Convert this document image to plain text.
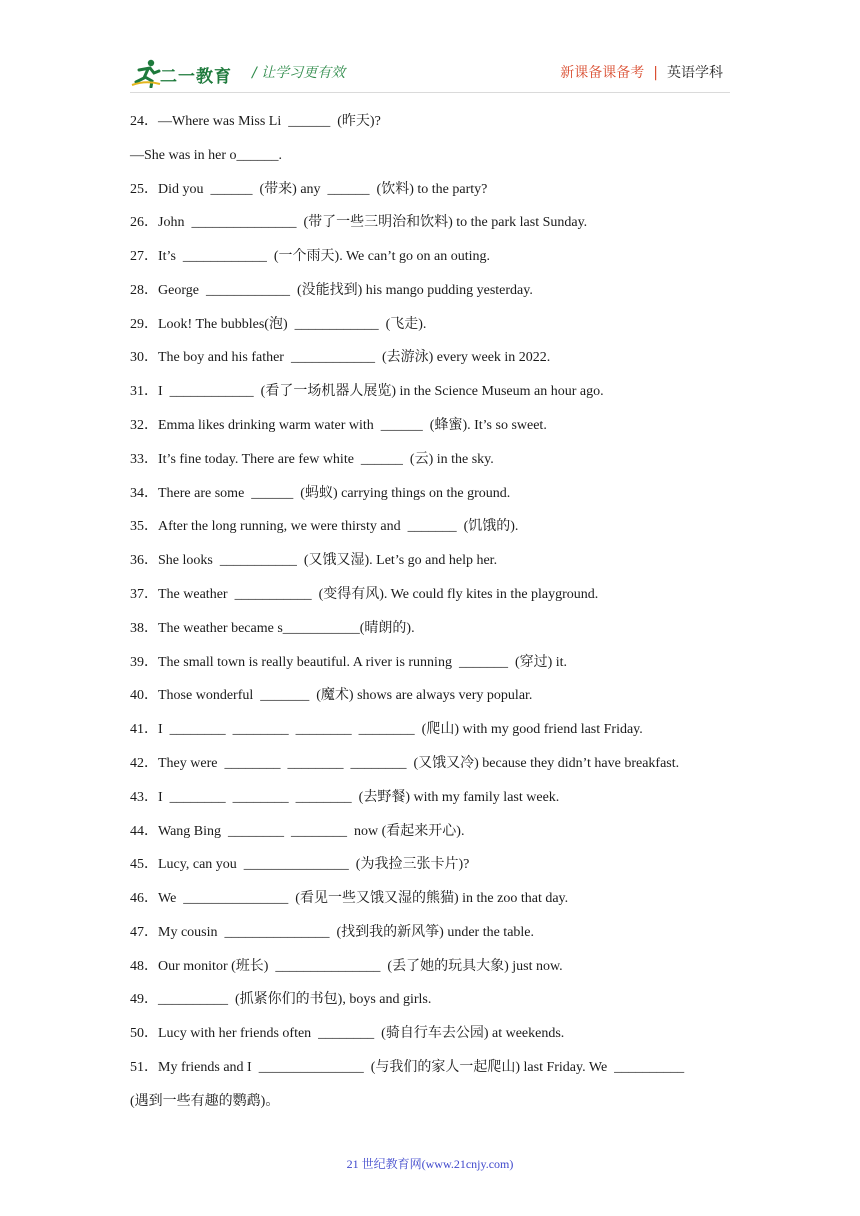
二一教育 / 让学习更有效	新课备课备考 | 英语学科
24．—Where was Miss Li  ______  (昨天)?
—She was in her o______.
25．Did you  ______  (带来) any  ______  (饮料) to the party?
26．John  _______________  (带了一些三明治和饮料) to the park last Sunday.
27．It’s  ____________  (一个雨天). We can’t go on an outing.
28．George  ____________  (没能找到) his mango pudding yesterday.
29．Look! The bubbles(泡)  ____________  (飞走).
30．The boy and his father  ____________  (去游泳) every week in 2022.
31．I  ____________  (看了一场机器人展览) in the Science Museum an hour ago.
32．Emma likes drinking warm water with  ______  (蜂蜜). It’s so sweet.
33．It’s fine today. There are few white  ______  (云) in the sky.
34．There are some  ______  (蚂蚁) carrying things on the ground.
35．After the long running, we were thirsty and  _______  (饥饿的).
36．She looks  ___________  (又饿又湿). Let’s go and help her.
37．The weather  ___________  (变得有风). We could fly kites in the playground.
38．The weather became s___________(晴朗的).
39．The small town is really beautiful. A river is running  _______  (穿过) it.
40．Those wonderful  _______  (魔术) shows are always very popular.
41．I  ________  ________  ________  ________  (爬山) with my good friend last Friday.
42．They were  ________  ________  ________  (又饿又冷) because they didn’t have breakfast.
43．I  ________  ________  ________  (去野餐) with my family last week.
44．Wang Bing  ________  ________  now (看起来开心).
45．Lucy, can you  _______________  (为我捡三张卡片)?
46．We  _______________  (看见一些又饿又湿的熊猫) in the zoo that day.
47．My cousin  _______________  (找到我的新风筝) under the table.
48．Our monitor (班长)  _______________  (丢了她的玩具大象) just now.
49．__________  (抓紧你们的书包), boys and girls.
50．Lucy with her friends often  ________  (骑自行车去公园) at weekends.
51．My friends and I  _______________  (与我们的家人一起爬山) last Friday. We  __________
(遇到一些有趣的鹦鹉)。
21 世纪教育网(www.21cnjy.com)
